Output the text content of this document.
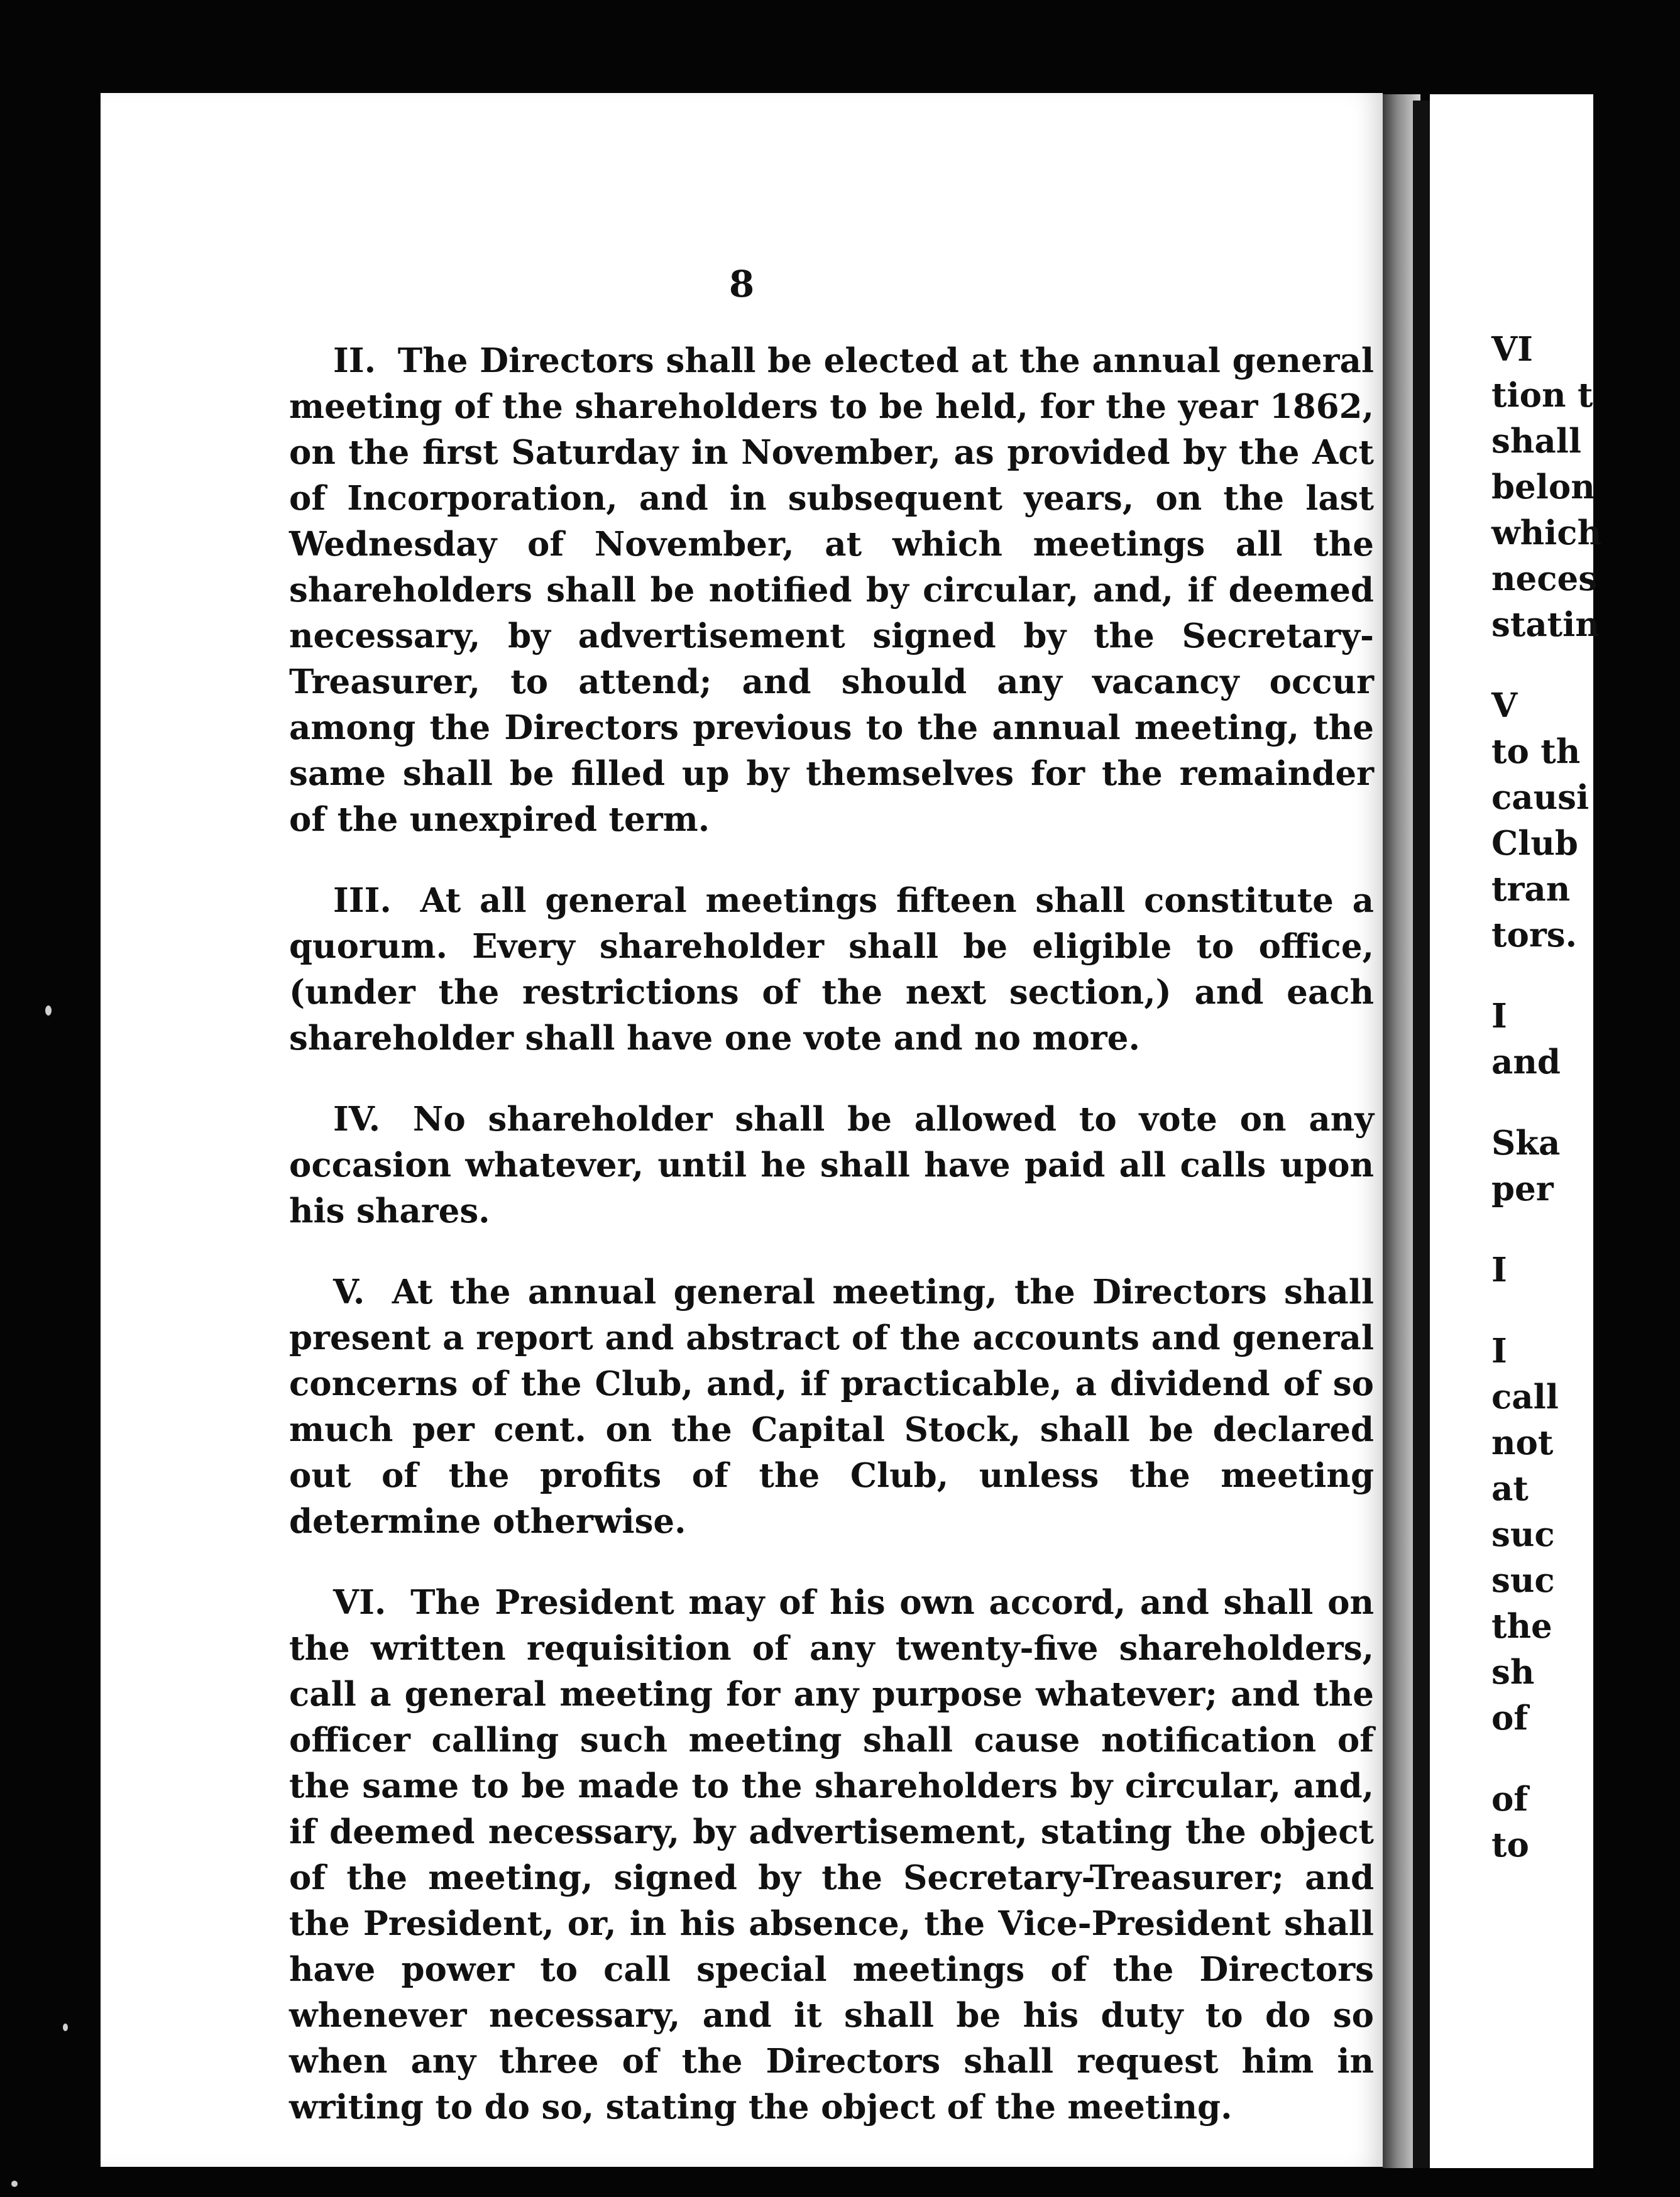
8

II. The Directors shall be elected at the annual general meeting of the shareholders to be held, for the year 1862, on the first Saturday in November, as provided by the Act of Incorporation, and in subsequent years, on the last Wednesday of November, at which meetings all the shareholders shall be notified by circular, and, if deemed necessary, by advertisement signed by the Secretary-Treasurer, to attend; and should any vacancy occur among the Directors previous to the annual meeting, the same shall be filled up by themselves for the remainder of the unexpired term.

III. At all general meetings fifteen shall constitute a quorum. Every shareholder shall be eligible to office, (under the restrictions of the next section,) and each shareholder shall have one vote and no more.

IV. No shareholder shall be allowed to vote on any occasion whatever, until he shall have paid all calls upon his shares.

V. At the annual general meeting, the Directors shall present a report and abstract of the accounts and general concerns of the Club, and, if practicable, a dividend of so much per cent. on the Capital Stock, shall be declared out of the profits of the Club, unless the meeting determine otherwise.

VI. The President may of his own accord, and shall on the written requisition of any twenty-five shareholders, call a general meeting for any purpose whatever; and the officer calling such meeting shall cause notification of the same to be made to the shareholders by circular, and, if deemed necessary, by advertisement, stating the object of the meeting, signed by the Secretary-Treasurer; and the President, or, in his absence, the Vice-President shall have power to call special meetings of the Directors whenever necessary, and it shall be his duty to do so when any three of the Directors shall request him in writing to do so, stating the object of the meeting.

VI
tion t
shall
belon
which
neces
statin
V
to th
causi
Club
tran
tors.
I
and
Ska
per
I
I
call
not
at
suc
suc
the
sh
of
of
to
